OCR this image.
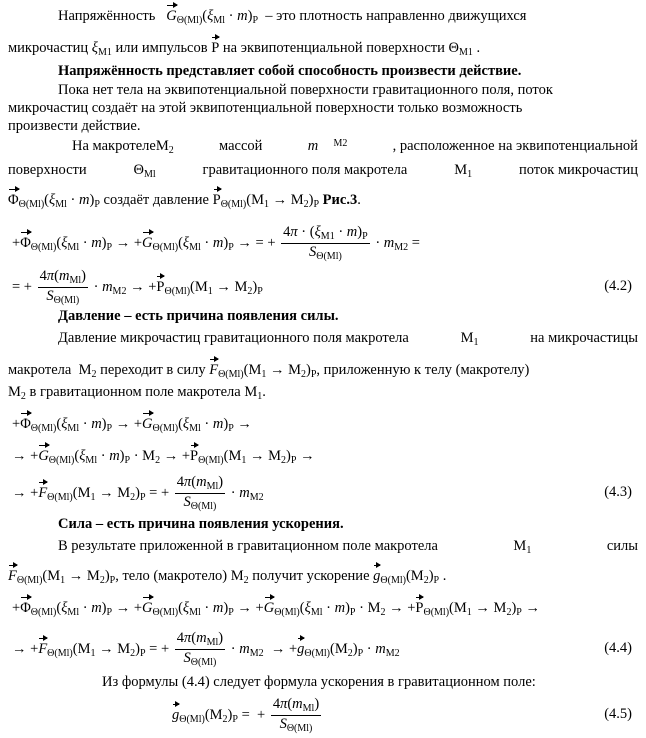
Напряжённость $G_{\Theta(Ml)}(\xi_{Ml} \cdot m)_P$ – это плотность направленно движущихся
микрочастиц $\xi_{M1}$ или импульсов P на эквипотенциальной поверхности $\Theta_{M1}$ .
Напряжённость представляет собой способность произвести действие.
Пока нет тела на эквипотенциальной поверхности гравитационного поля, поток
микрочастиц создаёт на этой эквипотенциальной поверхности только возможность
произвести действие.
На макротелеM$_2$	массой	m M2	, расположенное на эквипотенциальной
поверхности	$\Theta_{Ml}$	гравитационного поля макротела	$M_1$	поток микрочастиц
$\Phi_{\Theta(Ml)}(\xi_{Ml} \cdot m)_P$ создаёт давление $P_{\Theta(Ml)}(M_1 \to M_2)_P$ Рис.3.
$+\Phi_{\Theta(Ml)}(\xi_{Ml} \cdot m)_P \to +G_{\Theta(Ml)}(\xi_{Ml} \cdot m)_P$ → = + $\frac{4\pi \cdot (\xi_{M1} \cdot m)_P}{S_{\Theta(Ml)}} \cdot m_{M2}$ =
= + $\frac{4\pi(m_{Ml})}{S_{\Theta(Ml)}} \cdot m_{M2} \to +P_{\Theta(Ml)}(M_1 \to M_2)_P$	(4.2)
Давление – есть причина появления силы.
Давление микрочастиц гравитационного поля макротела	$M_1$	на микрочастицы
макротела  $M_2$ переходит в силу $F_{\Theta(Ml)}(M_1 \to M_2)_P$, приложенную к телу (макротелу)
$M_2$ в гравитационном поле макротела $M_1$.
$+\Phi_{\Theta(Ml)}(\xi_{Ml} \cdot m)_P \to +G_{\Theta(Ml)}(\xi_{Ml} \cdot m)_P$ →
→ $+G_{\Theta(Ml)}(\xi_{Ml} \cdot m)_P \cdot M_2 \to +P_{\Theta(Ml)}(M_1 \to M_2)_P$ →
→ $+F_{\Theta(Ml)}(M_1 \to M_2)_P$ = + $\frac{4\pi(m_{Ml})}{S_{\Theta(Ml)}} \cdot m_{M2}$	(4.3)
Сила – есть причина появления ускорения.
В результате приложенной в гравитационном поле макротела	$M_1$	силы
$F_{\Theta(Ml)}(M_1 \to M_2)_P$, тело (макротело) $M_2$ получит ускорение $g_{\Theta(Ml)}(M_2)_P$ .
$+\Phi_{\Theta(Ml)}(\xi_{Ml} \cdot m)_P \to +G_{\Theta(Ml)}(\xi_{Ml} \cdot m)_P \to +G_{\Theta(Ml)}(\xi_{Ml} \cdot m)_P \cdot M_2 \to +P_{\Theta(Ml)}(M_1 \to M_2)_P$ →
→ $+F_{\Theta(Ml)}(M_1 \to M_2)_P$ = + $\frac{4\pi(m_{Ml})}{S_{\Theta(Ml)}} \cdot m_{M2} \to +g_{\Theta(Ml)}(M_2)_P \cdot m_{M2}$	(4.4)
Из формулы (4.4) следует формула ускорения в гравитационном поле:
$g_{\Theta(Ml)}(M_2)_P$ =  + $\frac{4\pi(m_{Ml})}{S_{\Theta(Ml)}}$	(4.5)
